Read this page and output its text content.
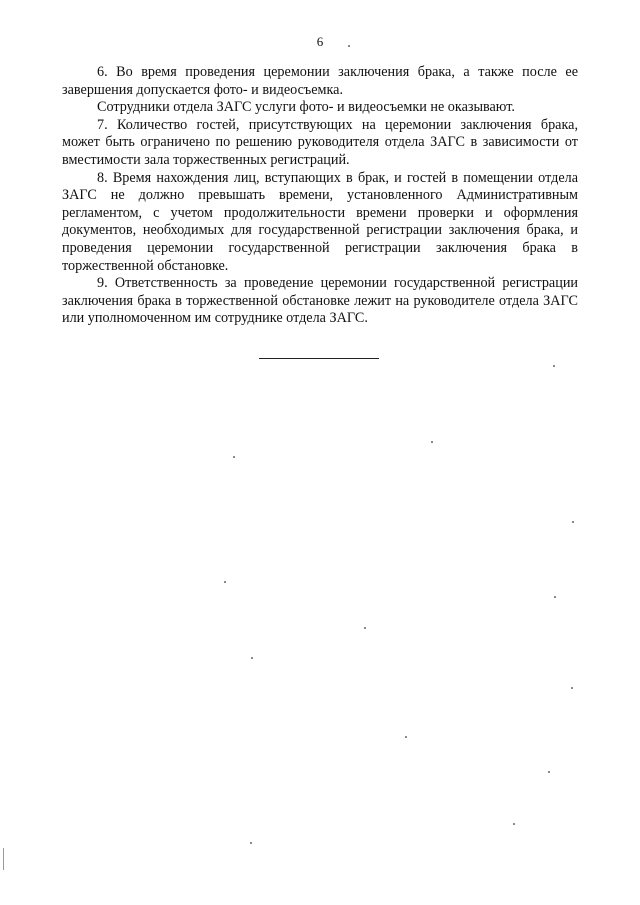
6

6. Во время проведения церемонии заключения брака, а также после ее завершения допускается фото- и видеосъемка.

Сотрудники отдела ЗАГС услуги фото- и видеосъемки не оказывают.

7. Количество гостей, присутствующих на церемонии заключения брака, может быть ограничено по решению руководителя отдела ЗАГС в зависимости от вместимости зала торжественных регистраций.

8. Время нахождения лиц, вступающих в брак, и гостей в помещении отдела ЗАГС не должно превышать времени, установленного Административным регламентом, с учетом продолжительности времени проверки и оформления документов, необходимых для государственной регистрации заключения брака, и проведения церемонии государственной регистрации заключения брака в торжественной обстановке.

9. Ответственность за проведение церемонии государственной регистрации заключения брака в торжественной обстановке лежит на руководителе отдела ЗАГС или уполномоченном им сотруднике отдела ЗАГС.
